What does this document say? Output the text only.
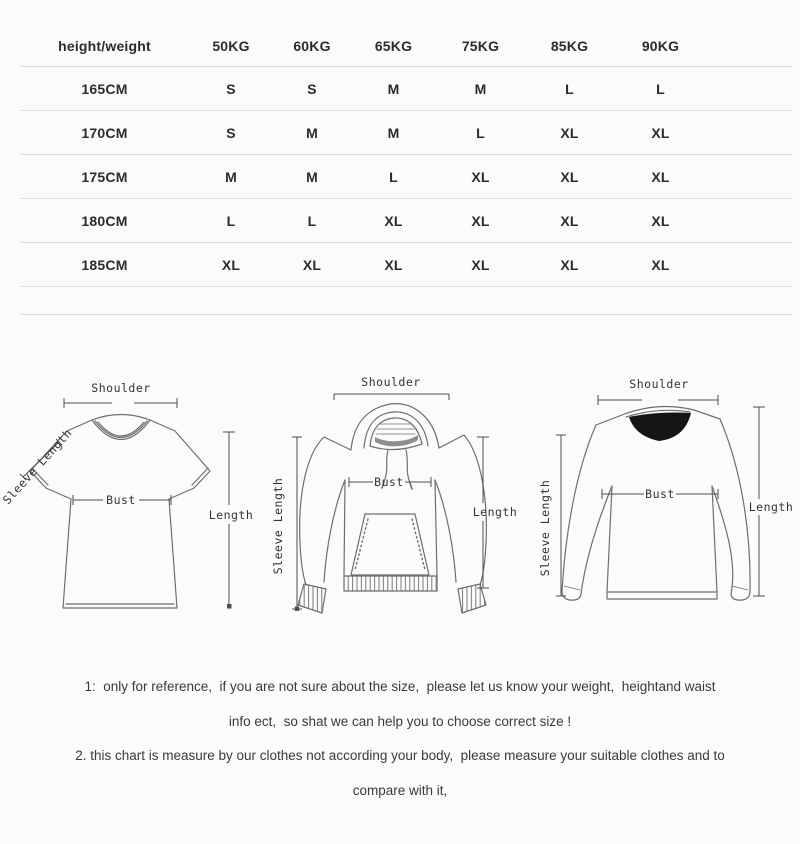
height/weight	50KG	60KG	65KG	75KG	85KG	90KG	
165CM	S	S	M	M	L	L	
170CM	S	M	M	L	XL	XL	
175CM	M	M	L	XL	XL	XL	
180CM	L	L	XL	XL	XL	XL	
185CM	XL	XL	XL	XL	XL	XL	

Shoulder
Sleeve Length	Bust
Length
Shoulder
Sleeve Length	Bust
Length
Shoulder
Sleeve Length	Bust
Length

1:  only for reference,  if you are not sure about the size,  please let us know your weight,  heightand waist

info ect,  so shat we can help you to choose correct size !

2. this chart is measure by our clothes not according your body,  please measure your suitable clothes and to

compare with it,
